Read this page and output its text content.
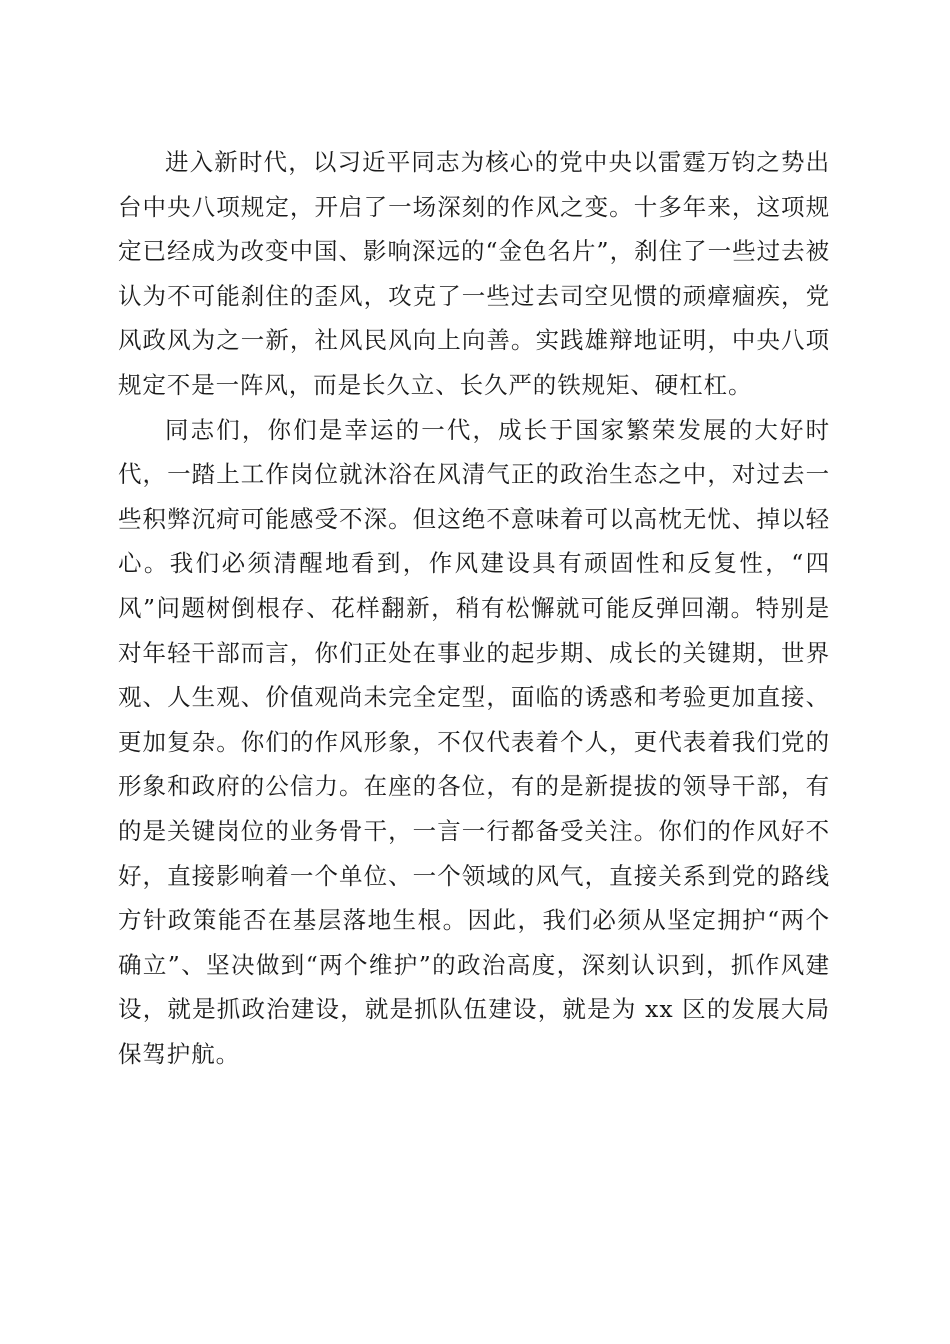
进入新时代，以习近平同志为核心的党中央以雷霆万钧之势出台中央八项规定，开启了一场深刻的作风之变。十多年来，这项规定已经成为改变中国、影响深远的“金色名片”，刹住了一些过去被认为不可能刹住的歪风，攻克了一些过去司空见惯的顽瘴痼疾，党风政风为之一新，社风民风向上向善。实践雄辩地证明，中央八项规定不是一阵风，而是长久立、长久严的铁规矩、硬杠杠。

同志们，你们是幸运的一代，成长于国家繁荣发展的大好时代，一踏上工作岗位就沐浴在风清气正的政治生态之中，对过去一些积弊沉疴可能感受不深。但这绝不意味着可以高枕无忧、掉以轻心。我们必须清醒地看到，作风建设具有顽固性和反复性，“四风”问题树倒根存、花样翻新，稍有松懈就可能反弹回潮。特别是对年轻干部而言，你们正处在事业的起步期、成长的关键期，世界观、人生观、价值观尚未完全定型，面临的诱惑和考验更加直接、更加复杂。你们的作风形象，不仅代表着个人，更代表着我们党的形象和政府的公信力。在座的各位，有的是新提拔的领导干部，有的是关键岗位的业务骨干，一言一行都备受关注。你们的作风好不好，直接影响着一个单位、一个领域的风气，直接关系到党的路线方针政策能否在基层落地生根。因此，我们必须从坚定拥护“两个确立”、坚决做到“两个维护”的政治高度，深刻认识到，抓作风建设，就是抓政治建设，就是抓队伍建设，就是为 xx 区的发展大局保驾护航。
